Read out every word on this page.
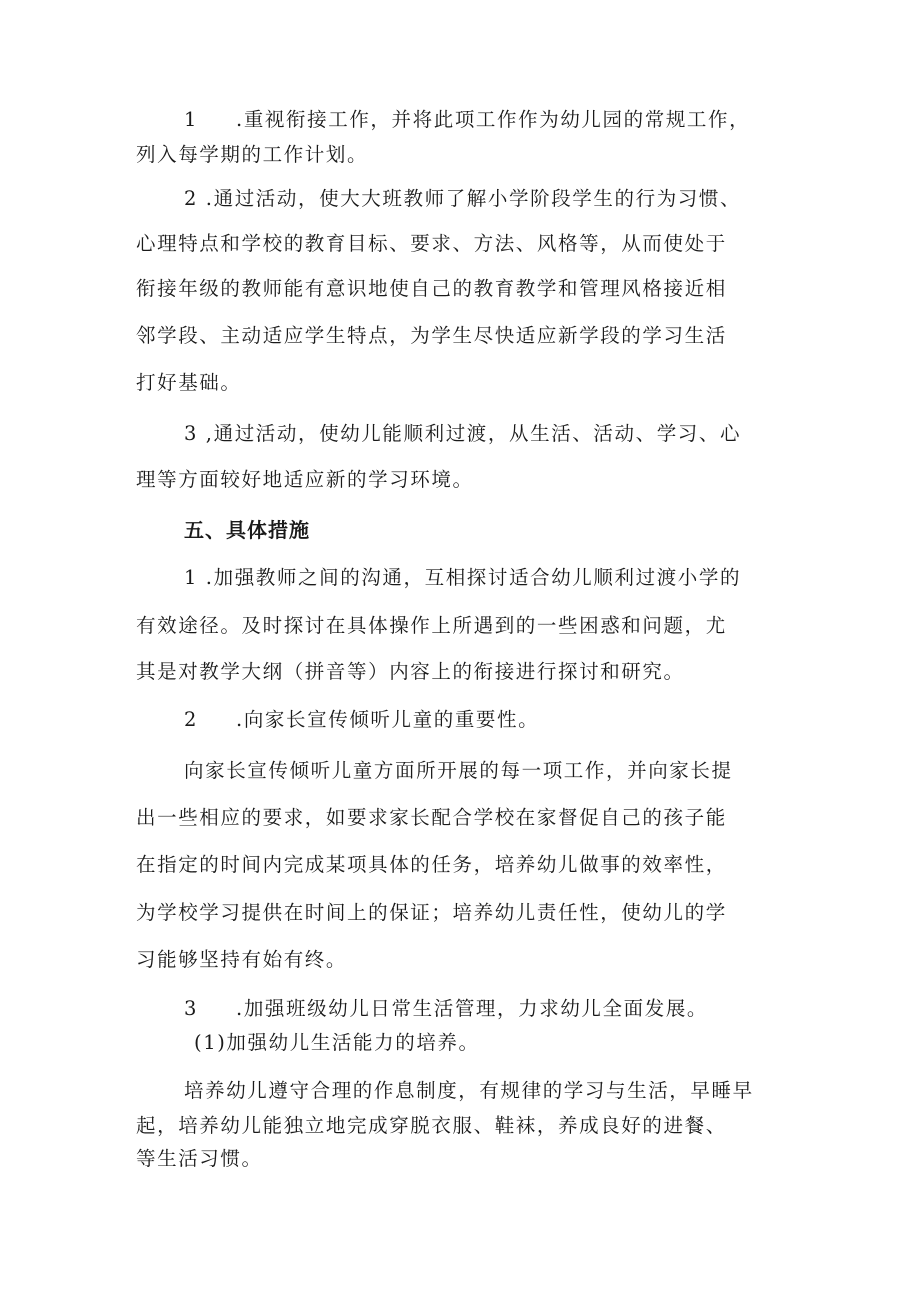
1 .重视衔接工作，并将此项工作作为幼儿园的常规工作，
列入每学期的工作计划。
2 .通过活动，使大大班教师了解小学阶段学生的行为习惯、
心理特点和学校的教育目标、要求、方法、风格等，从而使处于
衔接年级的教师能有意识地使自己的教育教学和管理风格接近相
邻学段、主动适应学生特点，为学生尽快适应新学段的学习生活
打好基础。
3 ,通过活动，使幼儿能顺利过渡，从生活、活动、学习、心
理等方面较好地适应新的学习环境。
五、具体措施
1 .加强教师之间的沟通，互相探讨适合幼儿顺利过渡小学的
有效途径。及时探讨在具体操作上所遇到的一些困惑和问题，尤
其是对教学大纲（拼音等）内容上的衔接进行探讨和研究。
2 .向家长宣传倾听儿童的重要性。
向家长宣传倾听儿童方面所开展的每一项工作，并向家长提
出一些相应的要求，如要求家长配合学校在家督促自己的孩子能
在指定的时间内完成某项具体的任务，培养幼儿做事的效率性，
为学校学习提供在时间上的保证；培养幼儿责任性，使幼儿的学
习能够坚持有始有终。
3 .加强班级幼儿日常生活管理，力求幼儿全面发展。
(1)加强幼儿生活能力的培养。
培养幼儿遵守合理的作息制度，有规律的学习与生活，早睡早
起，培养幼儿能独立地完成穿脱衣服、鞋袜，养成良好的进餐、
等生活习惯。
